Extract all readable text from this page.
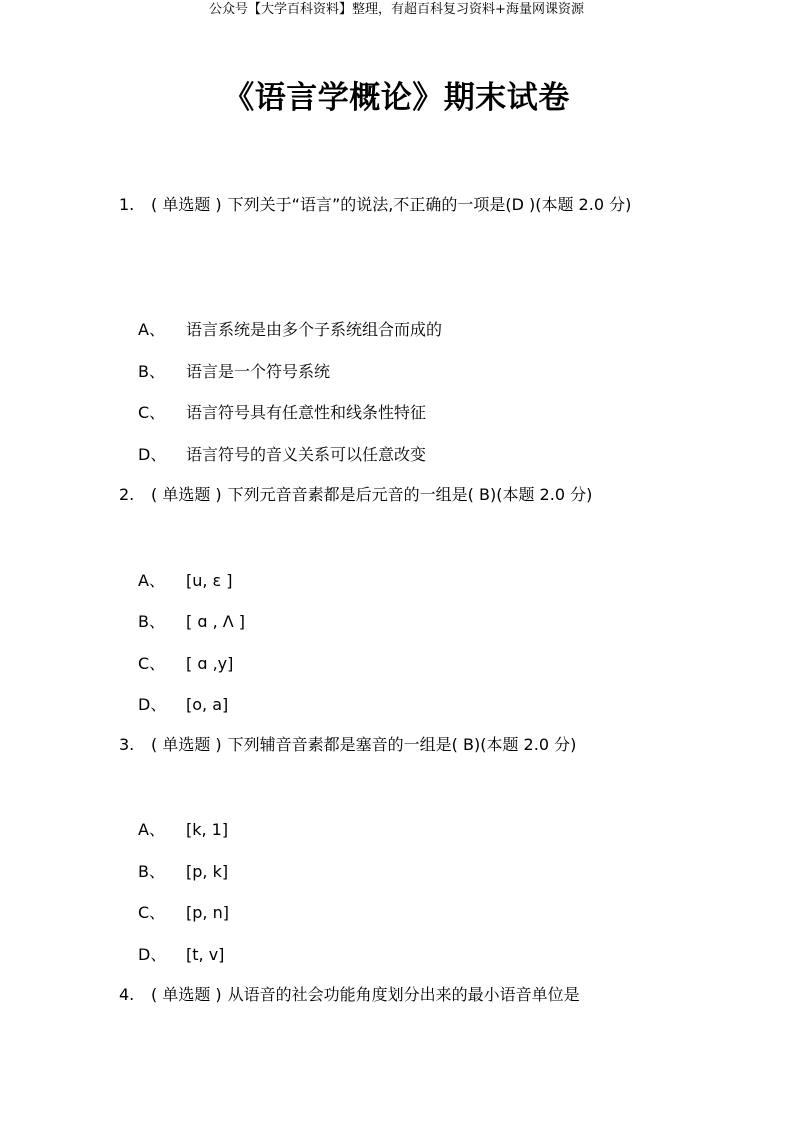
公众号【大学百科资料】整理，有超百科复习资料+海量网课资源
《语言学概论》期末试卷
1. ( 单选题 ) 下列关于“语言”的说法,不正确的一项是(D )(本题 2.0 分)
A、 语言系统是由多个子系统组合而成的
B、 语言是一个符号系统
C、 语言符号具有任意性和线条性特征
D、 语言符号的音义关系可以任意改变
2. ( 单选题 ) 下列元音音素都是后元音的一组是( B)(本题 2.0 分)
A、 [u, ε ]
B、 [ ɑ , Λ ]
C、 [ ɑ ,y]
D、 [o, a]
3. ( 单选题 ) 下列辅音音素都是塞音的一组是( B)(本题 2.0 分)
A、 [k, 1]
B、 [p, k]
C、 [p, n]
D、 [t, v]
4. ( 单选题 ) 从语音的社会功能角度划分出来的最小语音单位是
